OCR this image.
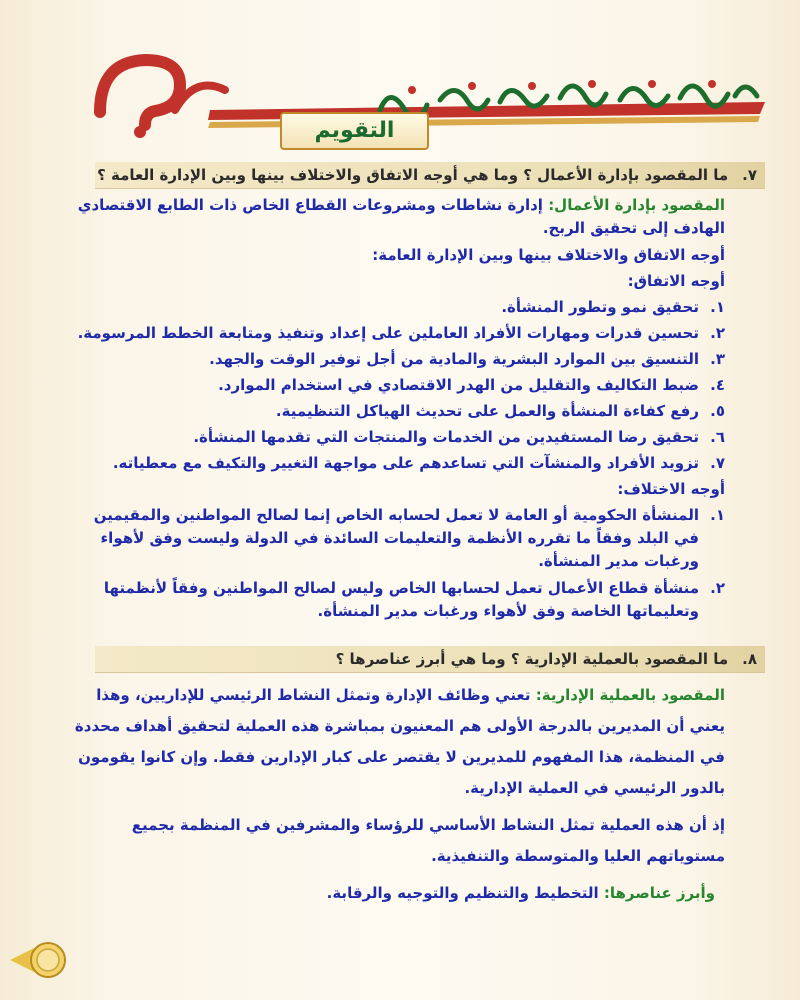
التقويم
٧.ما المقصود بإدارة الأعمال ؟ وما هي أوجه الاتفاق والاختلاف بينها وبين الإدارة العامة ؟
المقصود بإدارة الأعمال: إدارة نشاطات ومشروعات القطاع الخاص ذات الطابع الاقتصادي الهادف إلى تحقيق الربح.
أوجه الاتفاق والاختلاف بينها وبين الإدارة العامة:
أوجه الاتفاق:
١.
تحقيق نمو وتطور المنشأة.
٢.
تحسين قدرات ومهارات الأفراد العاملين على إعداد وتنفيذ ومتابعة الخطط المرسومة.
٣.
التنسيق بين الموارد البشرية والمادية من أجل توفير الوقت والجهد.
٤.
ضبط التكاليف والتقليل من الهدر الاقتصادي في استخدام الموارد.
٥.
رفع كفاءة المنشأة والعمل على تحديث الهياكل التنظيمية.
٦.
تحقيق رضا المستفيدين من الخدمات والمنتجات التي تقدمها المنشأة.
٧.
تزويد الأفراد والمنشآت التي تساعدهم على مواجهة التغيير والتكيف مع معطياته.
أوجه الاختلاف:
١.
المنشأة الحكومية أو العامة لا تعمل لحسابه الخاص إنما لصالح المواطنين والمقيمين في البلد وفقاً ما تقرره الأنظمة والتعليمات السائدة في الدولة وليست وفق لأهواء ورغبات مدير المنشأة.
٢.
منشأة قطاع الأعمال تعمل لحسابها الخاص وليس لصالح المواطنين وفقاً لأنظمتها وتعليماتها الخاصة وفق لأهواء ورغبات مدير المنشأة.
٨.ما المقصود بالعملية الإدارية ؟ وما هي أبرز عناصرها ؟
المقصود بالعملية الإدارية: تعني وظائف الإدارة وتمثل النشاط الرئيسي للإداريين، وهذا يعني أن المديرين بالدرجة الأولى هم المعنيون بمباشرة هذه العملية لتحقيق أهداف محددة في المنظمة، هذا المفهوم للمديرين لا يقتصر على كبار الإدارين فقط. وإن كانوا يقومون بالدور الرئيسي في العملية الإدارية.
إذ أن هذه العملية تمثل النشاط الأساسي للرؤساء والمشرفين في المنظمة بجميع مستوياتهم العليا والمتوسطة والتنفيذية.
وأبرز عناصرها: التخطيط والتنظيم والتوجيه والرقابة.
